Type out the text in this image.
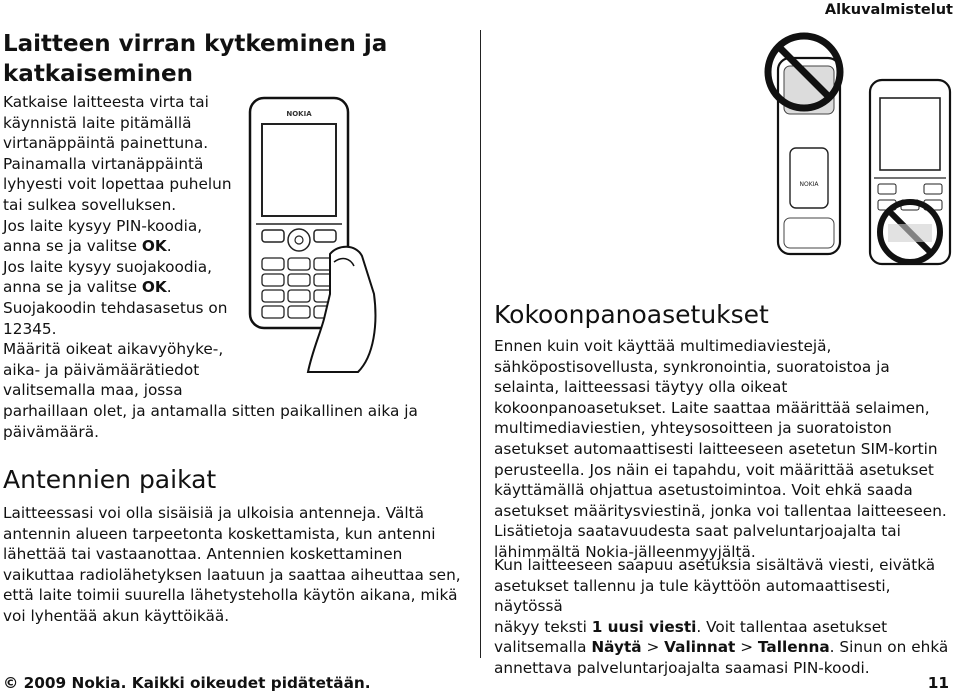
Alkuvalmistelut
Laitteen virran kytkeminen ja katkaiseminen

Katkaise laitteesta virta tai

käynnistä laite pitämällä

virtanäppäintä painettuna.

Painamalla virtanäppäintä

lyhyesti voit lopettaa puhelun

tai sulkea sovelluksen.

Jos laite kysyy PIN-koodia,

anna se ja valitse OK.

Jos laite kysyy suojakoodia,

anna se ja valitse OK.

Suojakoodin tehdasasetus on

12345.

Määritä oikeat aikavyöhyke-,

aika- ja päivämäärätiedot

valitsemalla maa, jossa

parhaillaan olet, ja antamalla sitten paikallinen aika ja

päivämäärä.

NOKIA
Antennien paikat

Laitteessasi voi olla sisäisiä ja ulkoisia antenneja. Vältä

antennin alueen tarpeetonta koskettamista, kun antenni

lähettää tai vastaanottaa. Antennien koskettaminen

vaikuttaa radiolähetyksen laatuun ja saattaa aiheuttaa sen,

että laite toimii suurella lähetysteholla käytön aikana, mikä

voi lyhentää akun käyttöikää.

NOKIA
Kokoonpanoasetukset

Ennen kuin voit käyttää multimediaviestejä,

sähköpostisovellusta, synkronointia, suoratoistoa ja

selainta, laitteessasi täytyy olla oikeat

kokoonpanoasetukset. Laite saattaa määrittää selaimen,

multimediaviestien, yhteysosoitteen ja suoratoiston

asetukset automaattisesti laitteeseen asetetun SIM-kortin

perusteella. Jos näin ei tapahdu, voit määrittää asetukset

käyttämällä ohjattua asetustoimintoa. Voit ehkä saada

asetukset määritysviestinä, jonka voi tallentaa laitteeseen.

Lisätietoja saatavuudesta saat palveluntarjoajalta tai

lähimmältä Nokia-jälleenmyyjältä.

Kun laitteeseen saapuu asetuksia sisältävä viesti, eivätkä

asetukset tallennu ja tule käyttöön automaattisesti, näytössä

näkyy teksti 1 uusi viesti. Voit tallentaa asetukset

valitsemalla Näytä > Valinnat > Tallenna. Sinun on ehkä

annettava palveluntarjoajalta saamasi PIN-koodi.

© 2009 Nokia. Kaikki oikeudet pidätetään.	11
